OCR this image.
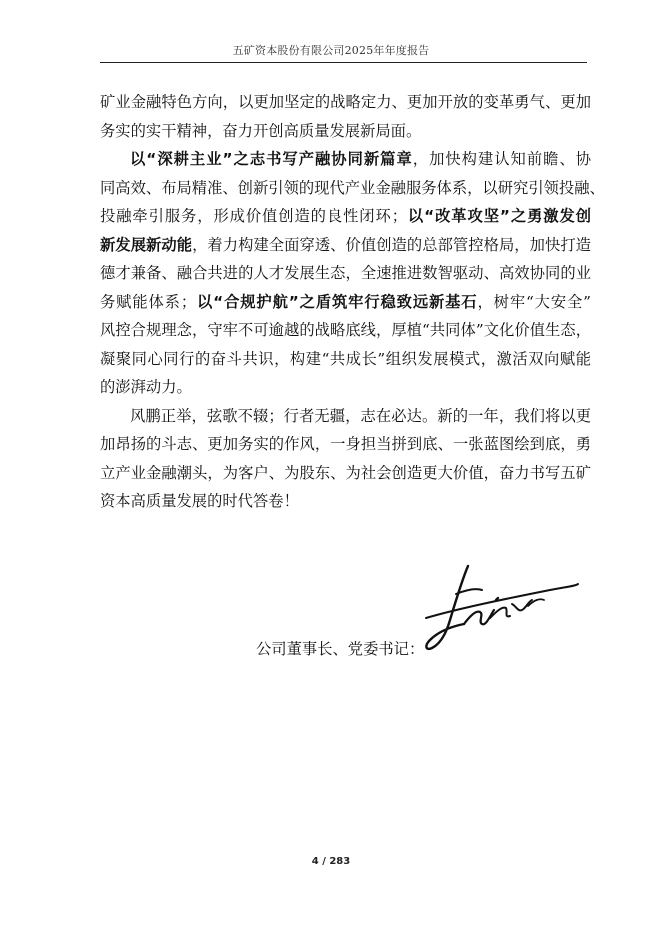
五矿资本股份有限公司2025年年度报告
矿业金融特色方向，以更加坚定的战略定力、更加开放的变革勇气、更加
务实的实干精神，奋力开创高质量发展新局面。
以“深耕主业”之志书写产融协同新篇章，加快构建认知前瞻、协
同高效、布局精准、创新引领的现代产业金融服务体系，以研究引领投融、
投融牵引服务，形成价值创造的良性闭环；以“改革攻坚”之勇激发创
新发展新动能，着力构建全面穿透、价值创造的总部管控格局，加快打造
德才兼备、融合共进的人才发展生态，全速推进数智驱动、高效协同的业
务赋能体系；以“合规护航”之盾筑牢行稳致远新基石，树牢“大安全”
风控合规理念，守牢不可逾越的战略底线，厚植“共同体”文化价值生态，
凝聚同心同行的奋斗共识，构建“共成长”组织发展模式，激活双向赋能
的澎湃动力。
风鹏正举，弦歌不辍；行者无疆，志在必达。新的一年，我们将以更
加昂扬的斗志、更加务实的作风，一身担当拼到底、一张蓝图绘到底，勇
立产业金融潮头，为客户、为股东、为社会创造更大价值，奋力书写五矿
资本高质量发展的时代答卷！
公司董事长、党委书记：
4 / 283
